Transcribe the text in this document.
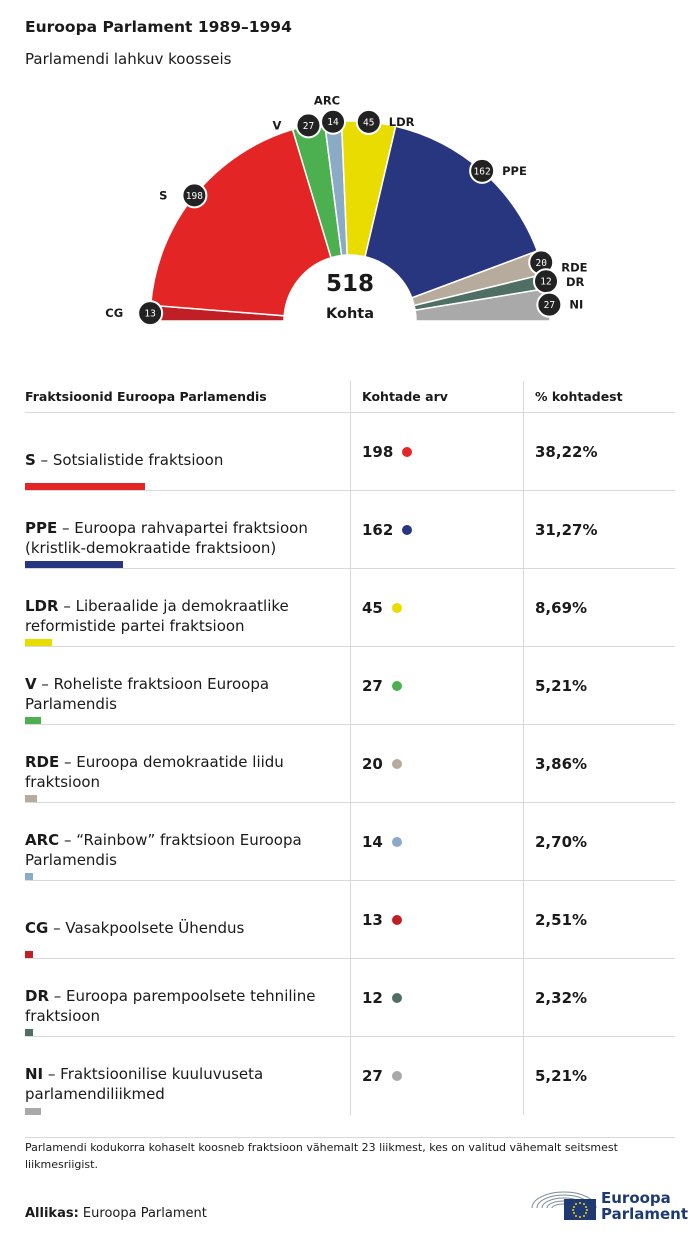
Euroopa Parlament 1989–1994
Parlamendi lahkuv koosseis
13
CG
198
S
27
V	14
ARC
45 LDR
162 PPE
20 RDE
12 DR
27 NI
518
Kohta
Fraktsioonid Euroopa Parlamendis	Kohtade arv	% kohtadest

S – Sotsialistide fraktsioon	198	38,22%

PPE – Euroopa rahvapartei fraktsioon (kristlik-demokraatide fraktsioon)	162	31,27%

LDR – Liberaalide ja demokraatlike reformistide partei fraktsioon	45	8,69%

V – Roheliste fraktsioon Euroopa Parlamendis	27	5,21%

RDE – Euroopa demokraatide liidu fraktsioon	20	3,86%

ARC – “Rainbow” fraktsioon Euroopa Parlamendis	14	2,70%

CG – Vasakpoolsete Ühendus	13	2,51%

DR – Euroopa parempoolsete tehniline fraktsioon	12	2,32%

NI – Fraktsioonilise kuuluvuseta parlamendiliikmed	27	5,21%
Parlamendi kodukorra kohaselt koosneb fraktsioon vähemalt 23 liikmest, kes on valitud vähemalt seitsmest liikmesriigist.
Allikas: Euroopa Parlament
Euroopa
Parlament
